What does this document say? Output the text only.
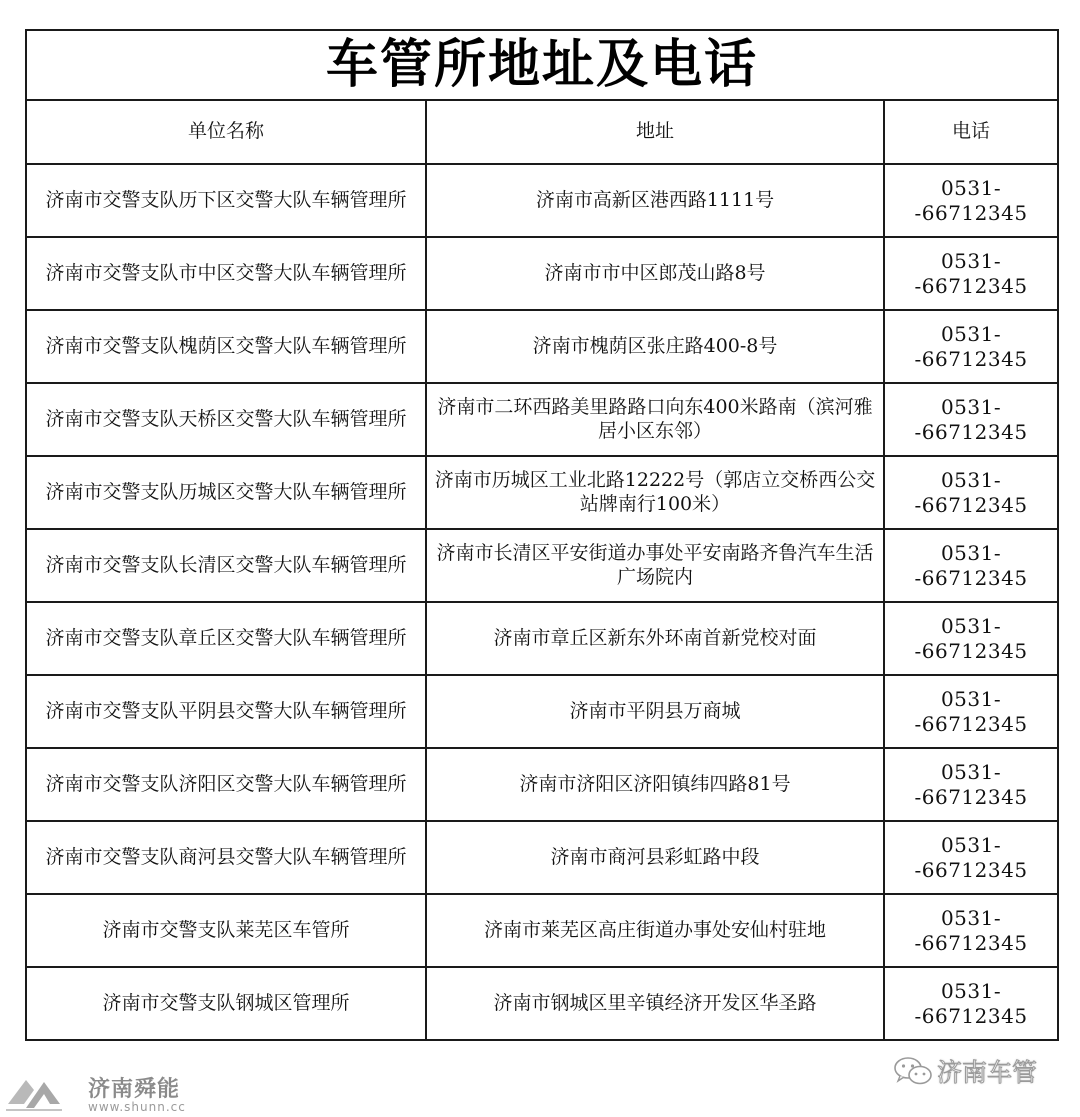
车管所地址及电话		
单位名称	地址	电话
济南市交警支队历下区交警大队车辆管理所	济南市高新区港西路1111号	0531--66712345
济南市交警支队市中区交警大队车辆管理所	济南市市中区郎茂山路8号	0531--66712345
济南市交警支队槐荫区交警大队车辆管理所	济南市槐荫区张庄路400-8号	0531--66712345
济南市交警支队天桥区交警大队车辆管理所	济南市二环西路美里路路口向东400米路南（滨河雅居小区东邻）	0531--66712345
济南市交警支队历城区交警大队车辆管理所	济南市历城区工业北路12222号（郭店立交桥西公交站牌南行100米）	0531--66712345
济南市交警支队长清区交警大队车辆管理所	济南市长清区平安街道办事处平安南路齐鲁汽车生活广场院内	0531--66712345
济南市交警支队章丘区交警大队车辆管理所	济南市章丘区新东外环南首新党校对面	0531--66712345
济南市交警支队平阴县交警大队车辆管理所	济南市平阴县万商城	0531--66712345
济南市交警支队济阳区交警大队车辆管理所	济南市济阳区济阳镇纬四路81号	0531--66712345
济南市交警支队商河县交警大队车辆管理所	济南市商河县彩虹路中段	0531--66712345
济南市交警支队莱芜区车管所	济南市莱芜区高庄街道办事处安仙村驻地	0531--66712345
济南市交警支队钢城区管理所	济南市钢城区里辛镇经济开发区华圣路	0531--66712345
济南舜能
www.shunn.cc
济南车管
